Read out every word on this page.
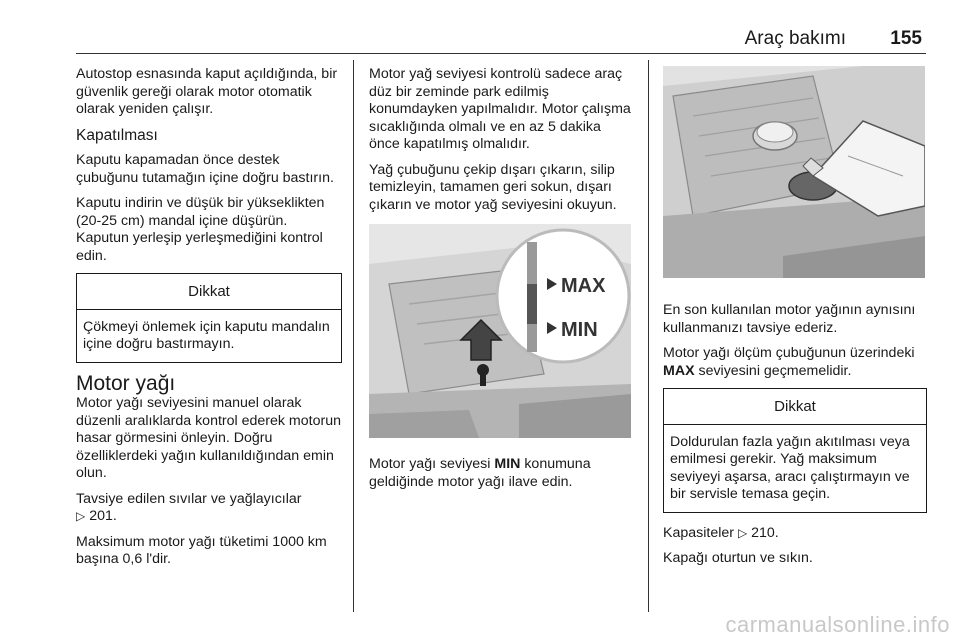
Araç bakımı 155

Autostop esnasında kaput açıldığında, bir güvenlik gereği olarak motor otomatik olarak yeniden çalışır.

Kapatılması

Kaputu kapamadan önce destek çubuğunu tutamağın içine doğru bastırın.

Kaputu indirin ve düşük bir yükseklikten (20-25 cm) mandal içine düşürün. Kaputun yerleşip yerleşmediğini kontrol edin.

Dikkat
Çökmeyi önlemek için kaputu mandalın içine doğru bastırmayın.
Motor yağı

Motor yağı seviyesini manuel olarak düzenli aralıklarda kontrol ederek motorun hasar görmesini önleyin. Doğru özelliklerdeki yağın kullanıldığından emin olun.

Tavsiye edilen sıvılar ve yağlayıcılar
▷ 201.

Maksimum motor yağı tüketimi 1000 km başına 0,6 l'dir.

Motor yağ seviyesi kontrolü sadece araç düz bir zeminde park edilmiş konumdayken yapılmalıdır. Motor çalışma sıcaklığında olmalı ve en az 5 dakika önce kapatılmış olmalıdır.

Yağ çubuğunu çekip dışarı çıkarın, silip temizleyin, tamamen geri sokun, dışarı çıkarın ve motor yağ seviyesini okuyun.

MAX
MIN

Motor yağı seviyesi MIN konumuna geldiğinde motor yağı ilave edin.

En son kullanılan motor yağının aynısını kullanmanızı tavsiye ederiz.

Motor yağı ölçüm çubuğunun üzerindeki MAX seviyesini geçmemelidir.

Dikkat
Doldurulan fazla yağın akıtılması veya emilmesi gerekir. Yağ maksimum seviyeyi aşarsa, aracı çalıştırmayın ve bir servisle temasa geçin.

Kapasiteler ▷ 210.

Kapağı oturtun ve sıkın.

carmanualsonline.info
